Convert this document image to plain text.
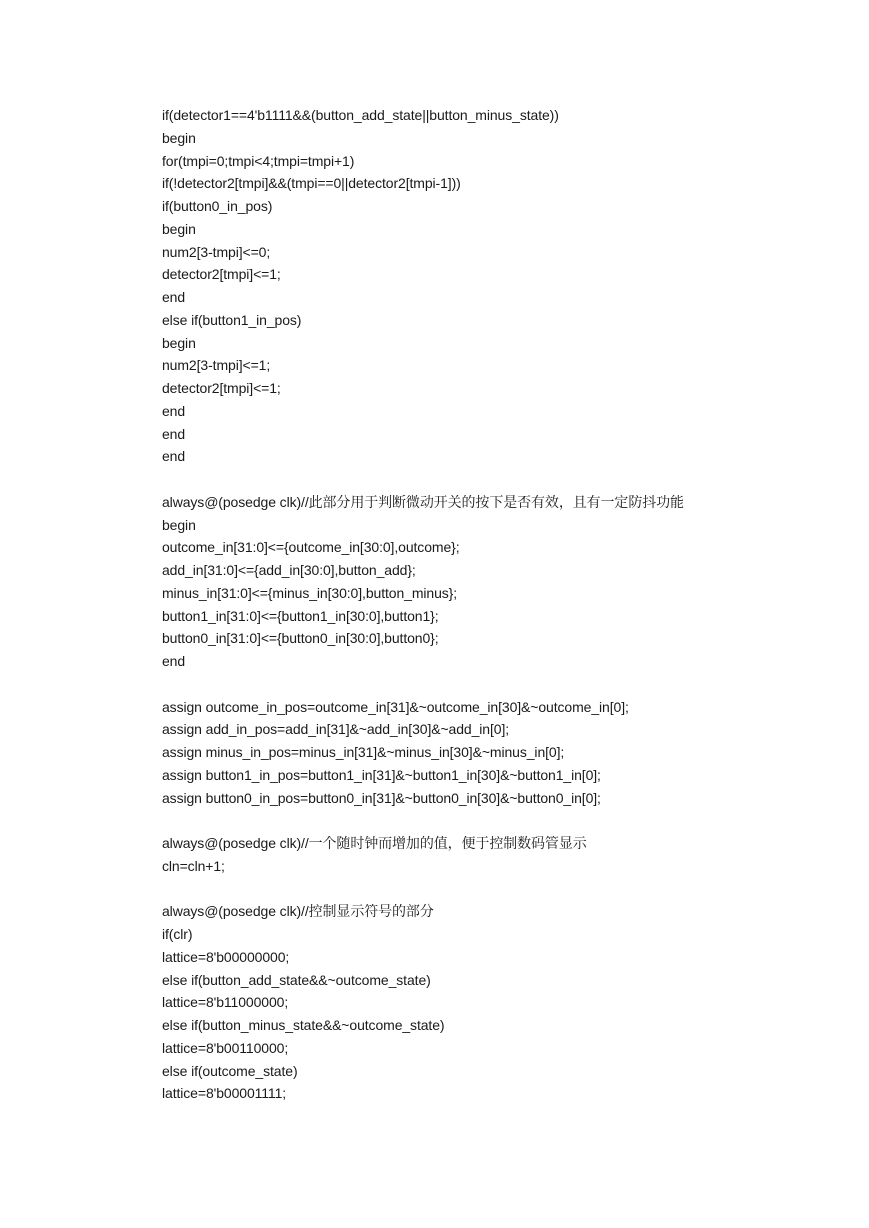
if(detector1==4'b1111&&(button_add_state||button_minus_state))
begin
for(tmpi=0;tmpi<4;tmpi=tmpi+1)
if(!detector2[tmpi]&&(tmpi==0||detector2[tmpi-1]))
if(button0_in_pos)
begin
num2[3-tmpi]<=0;
detector2[tmpi]<=1;
end
else if(button1_in_pos)
begin
num2[3-tmpi]<=1;
detector2[tmpi]<=1;
end
end
end
always@(posedge clk)//此部分用于判断微动开关的按下是否有效，且有一定防抖功能
begin
outcome_in[31:0]<={outcome_in[30:0],outcome};
add_in[31:0]<={add_in[30:0],button_add};
minus_in[31:0]<={minus_in[30:0],button_minus};
button1_in[31:0]<={button1_in[30:0],button1};
button0_in[31:0]<={button0_in[30:0],button0};
end
assign outcome_in_pos=outcome_in[31]&~outcome_in[30]&~outcome_in[0];
assign add_in_pos=add_in[31]&~add_in[30]&~add_in[0];
assign minus_in_pos=minus_in[31]&~minus_in[30]&~minus_in[0];
assign button1_in_pos=button1_in[31]&~button1_in[30]&~button1_in[0];
assign button0_in_pos=button0_in[31]&~button0_in[30]&~button0_in[0];
always@(posedge clk)//一个随时钟而增加的值，便于控制数码管显示
cln=cln+1;
always@(posedge clk)//控制显示符号的部分
if(clr)
lattice=8'b00000000;
else if(button_add_state&&~outcome_state)
lattice=8'b11000000;
else if(button_minus_state&&~outcome_state)
lattice=8'b00110000;
else if(outcome_state)
lattice=8'b00001111;
